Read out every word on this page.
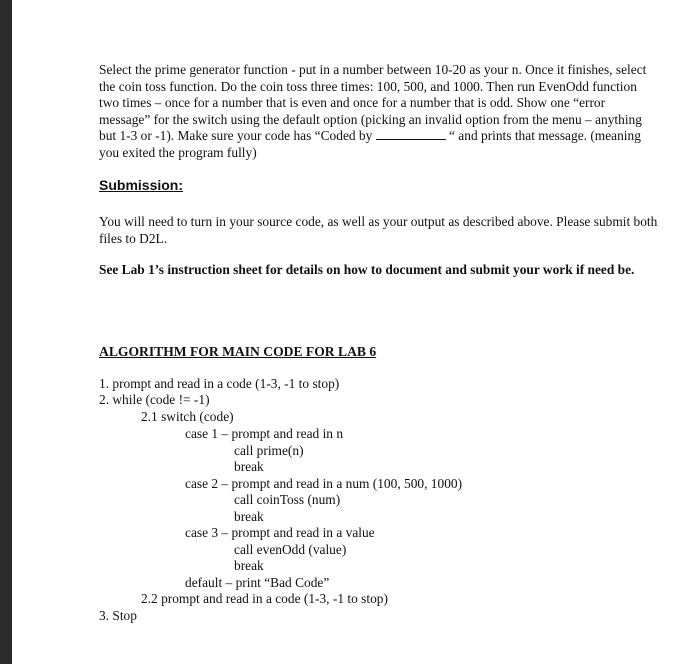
Select the prime generator function - put in a number between 10-20 as your n. Once it finishes, select the coin toss function. Do the coin toss three times: 100, 500, and 1000. Then run EvenOdd function two times – once for a number that is even and once for a number that is odd. Show one “error message” for the switch using the default option (picking an invalid option from the menu – anything but 1-3 or -1). Make sure your code has “Coded by	“ and prints that message. (meaning you exited the program fully)

Submission:

You will need to turn in your source code, as well as your output as described above. Please submit both files to D2L.

See Lab 1’s instruction sheet for details on how to document and submit your work if need be.

ALGORITHM FOR MAIN CODE FOR LAB 6
1. prompt and read in a code (1-3, -1 to stop)
2. while (code != -1)
2.1 switch (code)
case 1 – prompt and read in n
call prime(n)
break
case 2 – prompt and read in a num (100, 500, 1000)
call coinToss (num)
break
case 3 – prompt and read in a value
call evenOdd (value)
break
default – print “Bad Code”
2.2 prompt and read in a code (1-3, -1 to stop)
3. Stop
